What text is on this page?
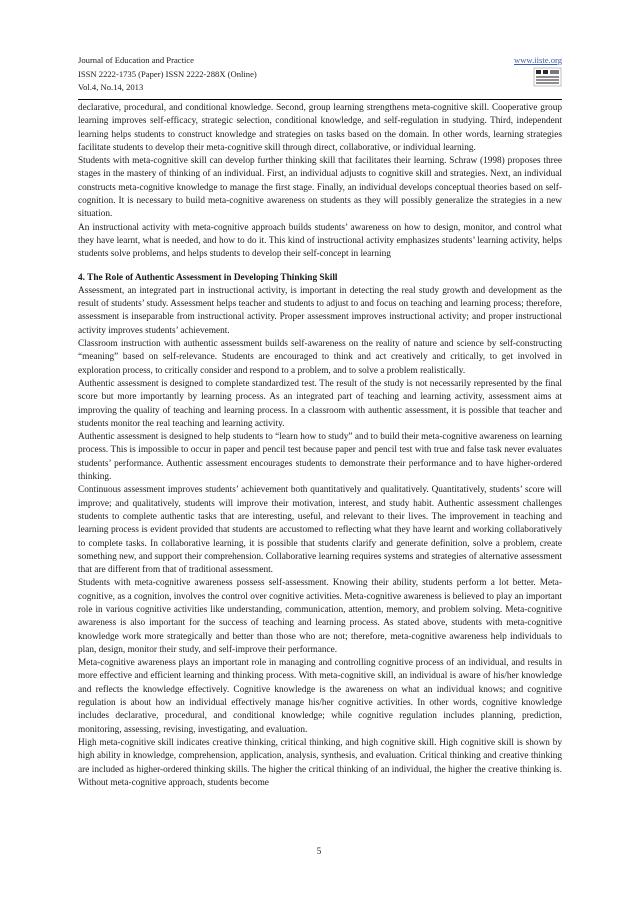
Journal of Education and Practice
ISSN 2222-1735 (Paper) ISSN 2222-288X (Online)
Vol.4, No.14, 2013
www.iiste.org

declarative, procedural, and conditional knowledge. Second, group learning strengthens meta-cognitive skill. Cooperative group learning improves self-efficacy, strategic selection, conditional knowledge, and self-regulation in studying. Third, independent learning helps students to construct knowledge and strategies on tasks based on the domain. In other words, learning strategies facilitate students to develop their meta-cognitive skill through direct, collaborative, or individual learning.

Students with meta-cognitive skill can develop further thinking skill that facilitates their learning. Schraw (1998) proposes three stages in the mastery of thinking of an individual. First, an individual adjusts to cognitive skill and strategies. Next, an individual constructs meta-cognitive knowledge to manage the first stage. Finally, an individual develops conceptual theories based on self-cognition. It is necessary to build meta-cognitive awareness on students as they will possibly generalize the strategies in a new situation.

An instructional activity with meta-cognitive approach builds students’ awareness on how to design, monitor, and control what they have learnt, what is needed, and how to do it. This kind of instructional activity emphasizes students’ learning activity, helps students solve problems, and helps students to develop their self-concept in learning

4. The Role of Authentic Assessment in Developing Thinking Skill

Assessment, an integrated part in instructional activity, is important in detecting the real study growth and development as the result of students’ study. Assessment helps teacher and students to adjust to and focus on teaching and learning process; therefore, assessment is inseparable from instructional activity. Proper assessment improves instructional activity; and proper instructional activity improves students’ achievement.

Classroom instruction with authentic assessment builds self-awareness on the reality of nature and science by self-constructing “meaning” based on self-relevance. Students are encouraged to think and act creatively and critically, to get involved in exploration process, to critically consider and respond to a problem, and to solve a problem realistically.

Authentic assessment is designed to complete standardized test. The result of the study is not necessarily represented by the final score but more importantly by learning process. As an integrated part of teaching and learning activity, assessment aims at improving the quality of teaching and learning process. In a classroom with authentic assessment, it is possible that teacher and students monitor the real teaching and learning activity.

Authentic assessment is designed to help students to “learn how to study” and to build their meta-cognitive awareness on learning process. This is impossible to occur in paper and pencil test because paper and pencil test with true and false task never evaluates students’ performance. Authentic assessment encourages students to demonstrate their performance and to have higher-ordered thinking.

Continuous assessment improves students’ achievement both quantitatively and qualitatively. Quantitatively, students’ score will improve; and qualitatively, students will improve their motivation, interest, and study habit. Authentic assessment challenges students to complete authentic tasks that are interesting, useful, and relevant to their lives. The improvement in teaching and learning process is evident provided that students are accustomed to reflecting what they have learnt and working collaboratively to complete tasks. In collaborative learning, it is possible that students clarify and generate definition, solve a problem, create something new, and support their comprehension. Collaborative learning requires systems and strategies of alternative assessment that are different from that of traditional assessment.

Students with meta-cognitive awareness possess self-assessment. Knowing their ability, students perform a lot better. Meta-cognitive, as a cognition, involves the control over cognitive activities. Meta-cognitive awareness is believed to play an important role in various cognitive activities like understanding, communication, attention, memory, and problem solving. Meta-cognitive awareness is also important for the success of teaching and learning process. As stated above, students with meta-cognitive knowledge work more strategically and better than those who are not; therefore, meta-cognitive awareness help individuals to plan, design, monitor their study, and self-improve their performance.

Meta-cognitive awareness plays an important role in managing and controlling cognitive process of an individual, and results in more effective and efficient learning and thinking process. With meta-cognitive skill, an individual is aware of his/her knowledge and reflects the knowledge effectively. Cognitive knowledge is the awareness on what an individual knows; and cognitive regulation is about how an individual effectively manage his/her cognitive activities. In other words, cognitive knowledge includes declarative, procedural, and conditional knowledge; while cognitive regulation includes planning, prediction, monitoring, assessing, revising, investigating, and evaluation.

High meta-cognitive skill indicates creative thinking, critical thinking, and high cognitive skill. High cognitive skill is shown by high ability in knowledge, comprehension, application, analysis, synthesis, and evaluation. Critical thinking and creative thinking are included as higher-ordered thinking skills. The higher the critical thinking of an individual, the higher the creative thinking is. Without meta-cognitive approach, students become

5
